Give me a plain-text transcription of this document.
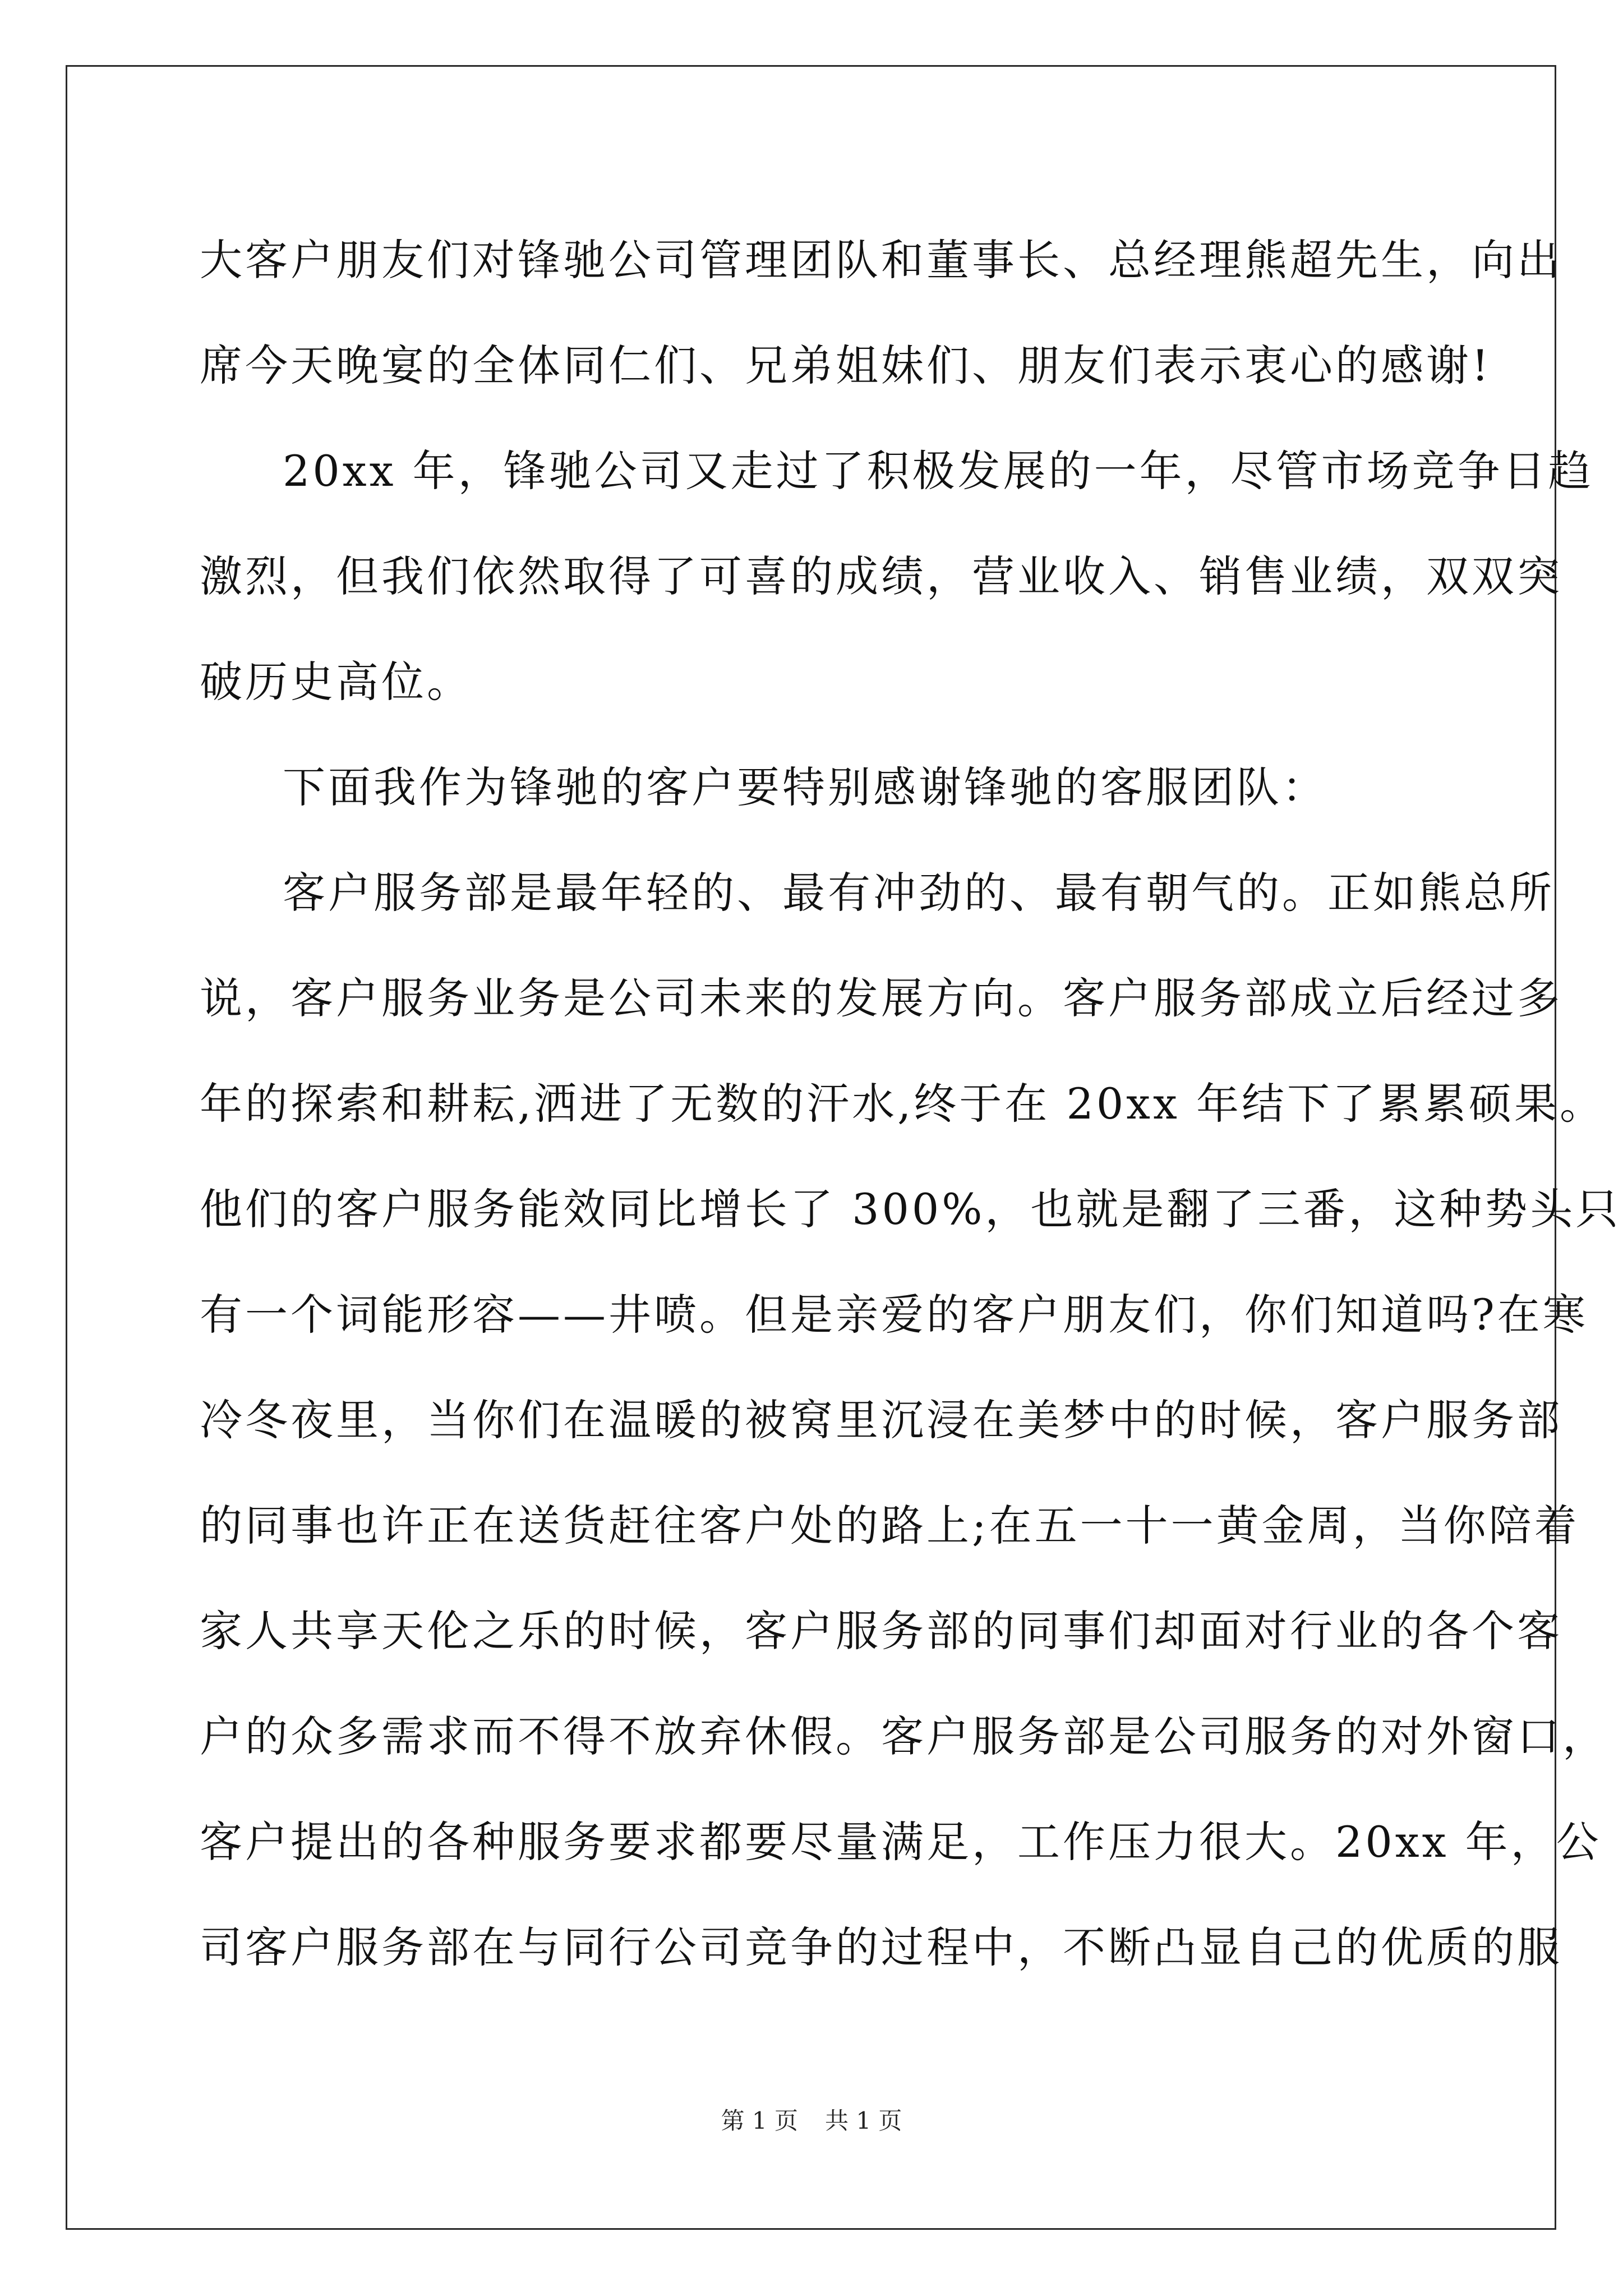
大客户朋友们对锋驰公司管理团队和董事长、总经理熊超先生，向出
席今天晚宴的全体同仁们、兄弟姐妹们、朋友们表示衷心的感谢!
20xx 年，锋驰公司又走过了积极发展的一年，尽管市场竞争日趋
激烈，但我们依然取得了可喜的成绩，营业收入、销售业绩，双双突
破历史高位。
下面我作为锋驰的客户要特别感谢锋驰的客服团队：
客户服务部是最年轻的、最有冲劲的、最有朝气的。正如熊总所
说，客户服务业务是公司未来的发展方向。客户服务部成立后经过多
年的探索和耕耘,洒进了无数的汗水,终于在 20xx 年结下了累累硕果。
他们的客户服务能效同比增长了 300%，也就是翻了三番，这种势头只
有一个词能形容——井喷。但是亲爱的客户朋友们，你们知道吗?在寒
冷冬夜里，当你们在温暖的被窝里沉浸在美梦中的时候，客户服务部
的同事也许正在送货赶往客户处的路上;在五一十一黄金周，当你陪着
家人共享天伦之乐的时候，客户服务部的同事们却面对行业的各个客
户的众多需求而不得不放弃休假。客户服务部是公司服务的对外窗口，
客户提出的各种服务要求都要尽量满足，工作压力很大。20xx 年，公
司客户服务部在与同行公司竞争的过程中，不断凸显自己的优质的服
第 1 页 共 1 页
